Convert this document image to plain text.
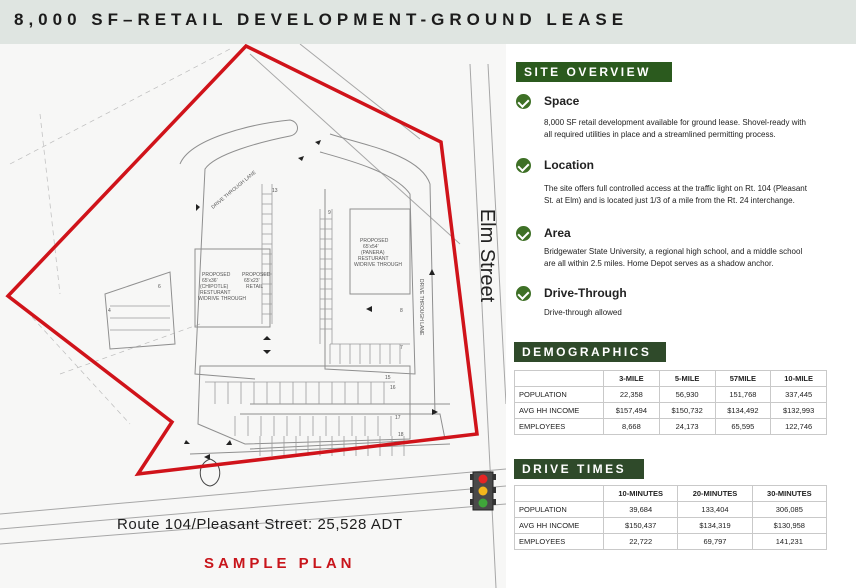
8,000 SF–RETAIL DEVELOPMENT-GROUND LEASE
PROPOSED
65'x36'
(CHIPOTLE)
RESTURANT
W/DRIVE THROUGH
PROPOSED
65'x23'
RETAIL
PROPOSED
65'x54'
(PANERA)
RESTURANT
W/DRIVE THROUGH
DRIVE THROUGH LANE
DRIVE THROUGH LANE
6
4
13
9
8
7
15
16
17
18
Elm Street
Route 104/Pleasant Street: 25,528 ADT
SAMPLE PLAN
SITE OVERVIEW
Space
8,000 SF retail development available for ground lease. Shovel-ready with all required utilities in place and a streamlined permitting process.
Location
The site offers full controlled access at the traffic light on Rt. 104 (Pleasant St. at Elm) and is located just 1/3 of a mile from the Rt. 24 interchange.
Area
Bridgewater State University, a regional high school, and a middle school are all within 2.5 miles. Home Depot serves as a shadow anchor.
Drive-Through
Drive-through allowed
DEMOGRAPHICS
	3-MILE	5-MILE	57MILE	10-MILE
POPULATION	22,358	56,930	151,768	337,445
AVG HH INCOME	$157,494	$150,732	$134,492	$132,993
EMPLOYEES	8,668	24,173	65,595	122,746
DRIVE TIMES
	10-MINUTES	20-MINUTES	30-MINUTES
POPULATION	39,684	133,404	306,085
AVG HH INCOME	$150,437	$134,319	$130,958
EMPLOYEES	22,722	69,797	141,231
